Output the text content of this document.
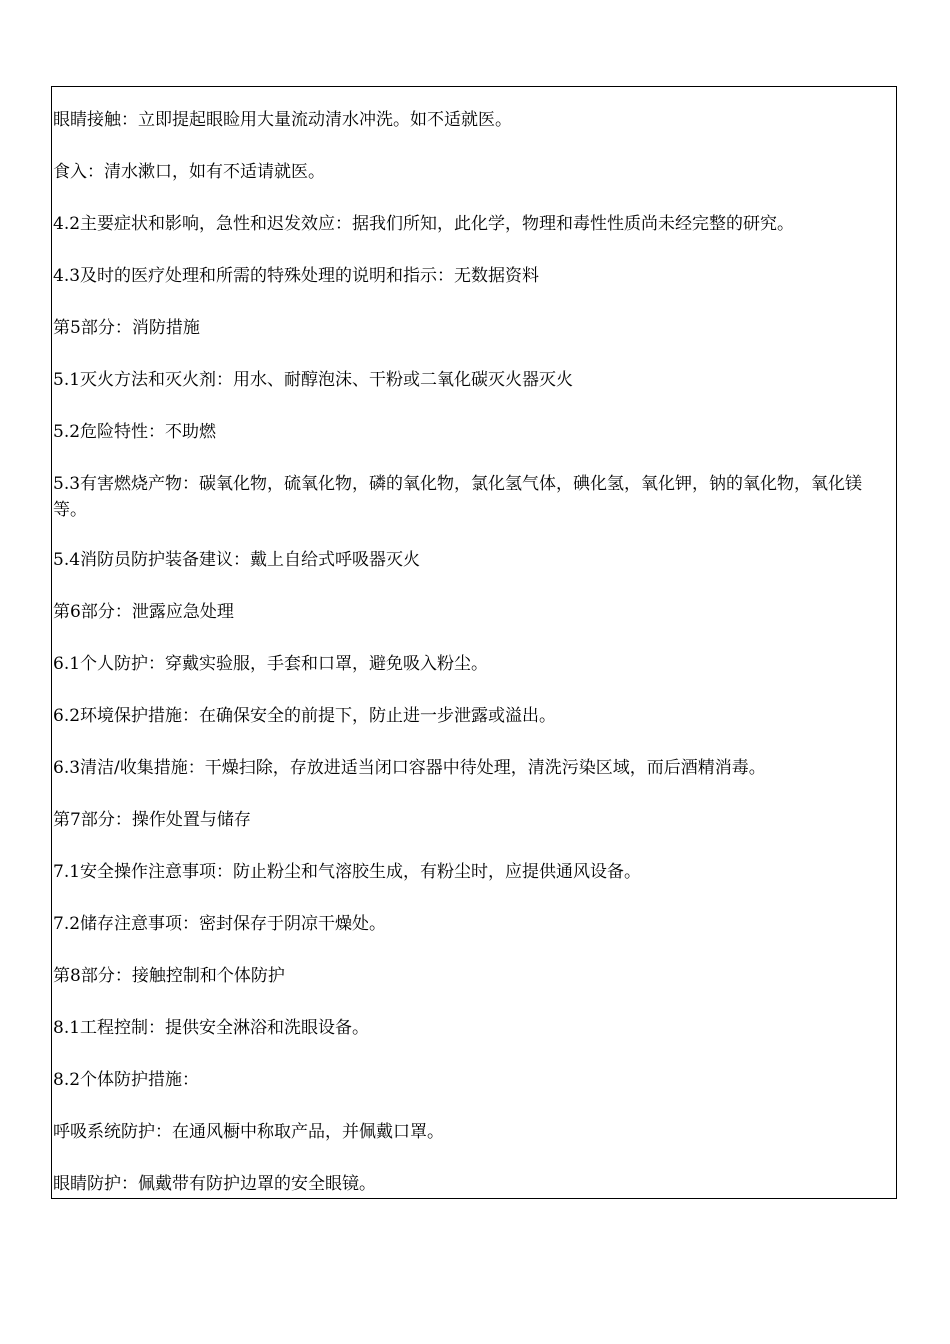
眼睛接触：立即提起眼睑用大量流动清水冲洗。如不适就医。

食入：清水漱口，如有不适请就医。

4.2主要症状和影响，急性和迟发效应：据我们所知，此化学，物理和毒性性质尚未经完整的研究。

4.3及时的医疗处理和所需的特殊处理的说明和指示：无数据资料

第5部分：消防措施

5.1灭火方法和灭火剂：用水、耐醇泡沫、干粉或二氧化碳灭火器灭火

5.2危险特性：不助燃

5.3有害燃烧产物：碳氧化物，硫氧化物，磷的氧化物，氯化氢气体，碘化氢，氧化钾，钠的氧化物，氧化镁等。

5.4消防员防护装备建议：戴上自给式呼吸器灭火

第6部分：泄露应急处理

6.1个人防护：穿戴实验服，手套和口罩，避免吸入粉尘。

6.2环境保护措施：在确保安全的前提下，防止进一步泄露或溢出。

6.3清洁/收集措施：干燥扫除，存放进适当闭口容器中待处理，清洗污染区域，而后酒精消毒。

第7部分：操作处置与储存

7.1安全操作注意事项：防止粉尘和气溶胶生成，有粉尘时，应提供通风设备。

7.2储存注意事项：密封保存于阴凉干燥处。

第8部分：接触控制和个体防护

8.1工程控制：提供安全淋浴和洗眼设备。

8.2个体防护措施：

呼吸系统防护：在通风橱中称取产品，并佩戴口罩。

眼睛防护：佩戴带有防护边罩的安全眼镜。
